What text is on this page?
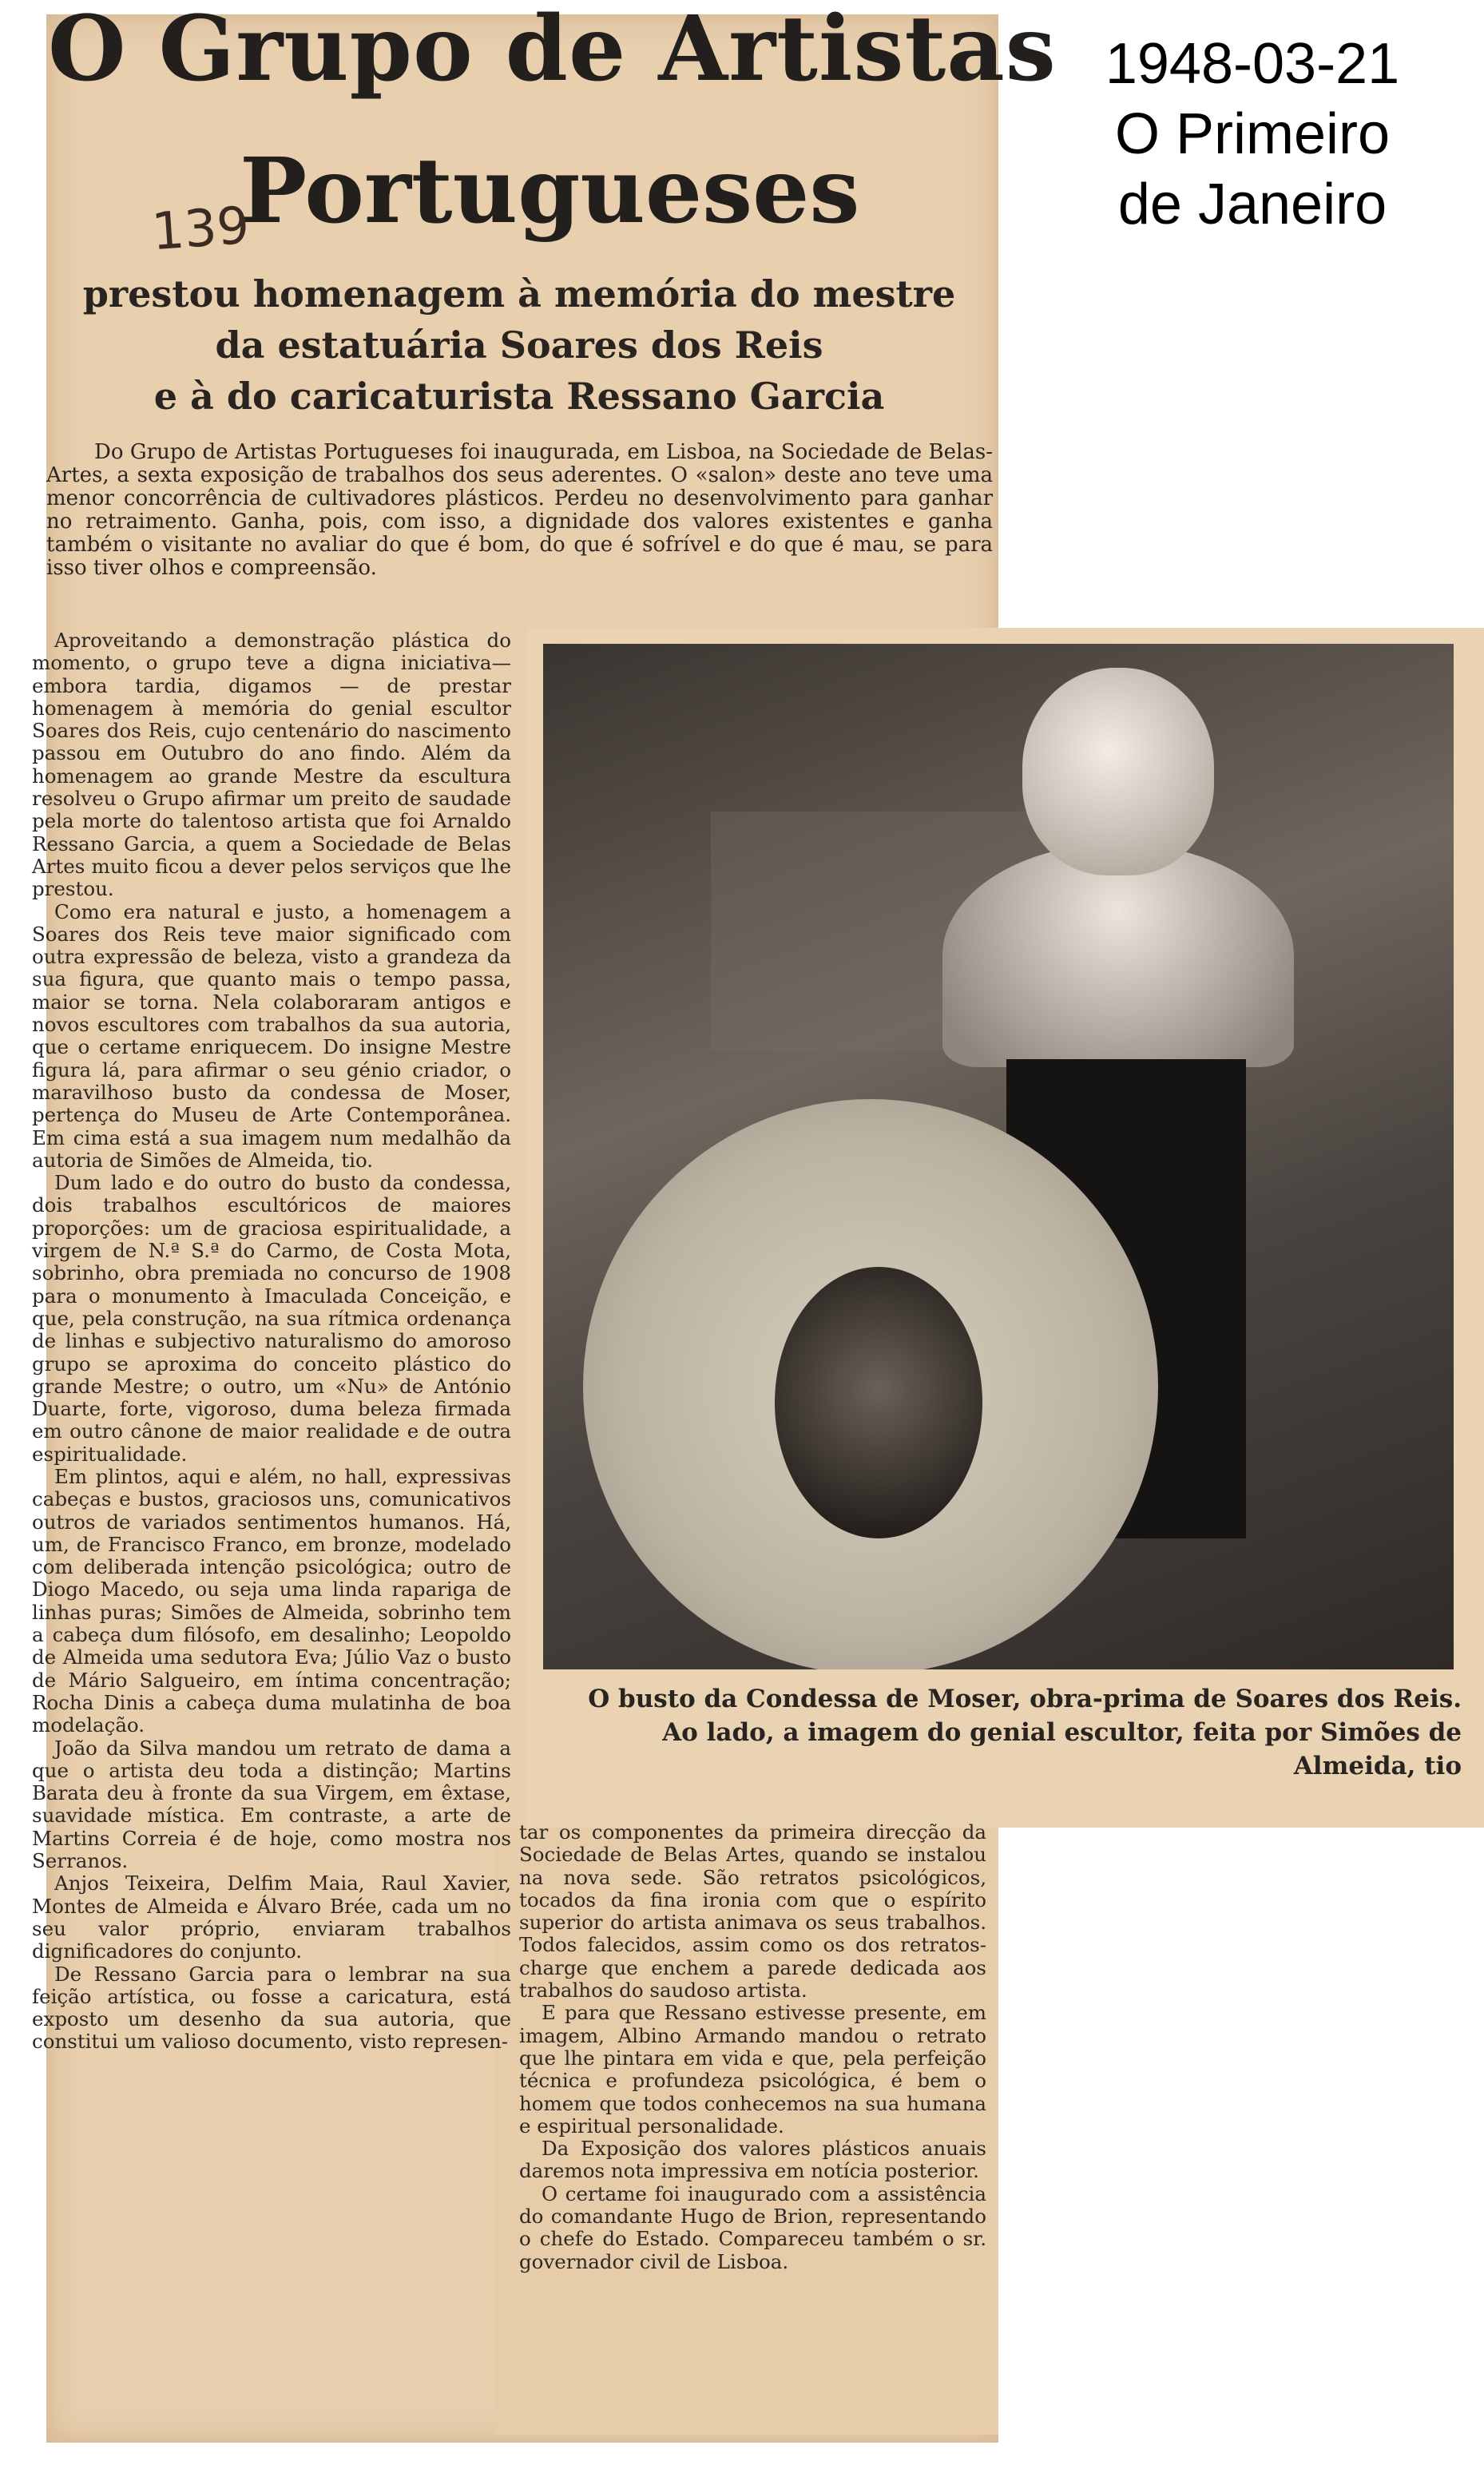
1948-03-21
O Primeiro
de Janeiro
O Grupo de Artistas
Portugueses
139
prestou homenagem à memória do mestre
da estatuária Soares dos Reis
e à do caricaturista Ressano Garcia

Do Grupo de Artistas Portugueses foi inaugurada, em Lisboa, na Sociedade de Belas-Artes, a sexta exposição de trabalhos dos seus aderentes. O «salon» deste ano teve uma menor concorrência de cultivadores plásticos. Perdeu no desenvolvimento para ganhar no retraimento. Ganha, pois, com isso, a dignidade dos valores existentes e ganha também o visitante no avaliar do que é bom, do que é sofrível e do que é mau, se para isso tiver olhos e compreensão.

Aproveitando a demonstração plástica do momento, o grupo teve a digna iniciativa—embora tardia, digamos — de prestar homenagem à memória do genial escultor Soares dos Reis, cujo centenário do nascimento passou em Outubro do ano findo. Além da homenagem ao grande Mestre da escultura resolveu o Grupo afirmar um preito de saudade pela morte do talentoso artista que foi Arnaldo Ressano Garcia, a quem a Sociedade de Belas Artes muito ficou a dever pelos serviços que lhe prestou.

Como era natural e justo, a homenagem a Soares dos Reis teve maior significado com outra expressão de beleza, visto a grandeza da sua figura, que quanto mais o tempo passa, maior se torna. Nela colaboraram antigos e novos escultores com trabalhos da sua autoria, que o certame enriquecem. Do insigne Mestre figura lá, para afirmar o seu génio criador, o maravilhoso busto da condessa de Moser, pertença do Museu de Arte Contemporânea. Em cima está a sua imagem num medalhão da autoria de Simões de Almeida, tio.

Dum lado e do outro do busto da condessa, dois trabalhos escultóricos de maiores proporções: um de graciosa espiritualidade, a virgem de N.ª S.ª do Carmo, de Costa Mota, sobrinho, obra premiada no concurso de 1908 para o monumento à Imaculada Conceição, e que, pela construção, na sua rítmica ordenança de linhas e subjectivo naturalismo do amoroso grupo se aproxima do conceito plástico do grande Mestre; o outro, um «Nu» de António Duarte, forte, vigoroso, duma beleza firmada em outro cânone de maior realidade e de outra espiritualidade.

Em plintos, aqui e além, no hall, expressivas cabeças e bustos, graciosos uns, comunicativos outros de variados sentimentos humanos. Há, um, de Francisco Franco, em bronze, modelado com deliberada intenção psicológica; outro de Diogo Macedo, ou seja uma linda rapariga de linhas puras; Simões de Almeida, sobrinho tem a cabeça dum filósofo, em desalinho; Leopoldo de Almeida uma sedutora Eva; Júlio Vaz o busto de Mário Salgueiro, em íntima concentração; Rocha Dinis a cabeça duma mulatinha de boa modelação.

João da Silva mandou um retrato de dama a que o artista deu toda a distinção; Martins Barata deu à fronte da sua Virgem, em êxtase, suavidade mística. Em contraste, a arte de Martins Correia é de hoje, como mostra nos Serranos.

Anjos Teixeira, Delfim Maia, Raul Xavier, Montes de Almeida e Álvaro Brée, cada um no seu valor próprio, enviaram trabalhos dignificadores do conjunto.

De Ressano Garcia para o lembrar na sua feição artística, ou fosse a caricatura, está exposto um desenho da sua autoria, que constitui um valioso documento, visto represen-

O busto da Condessa de Moser, obra-prima de Soares dos Reis.
Ao lado, a imagem do genial escultor, feita por Simões de
Almeida, tio

tar os componentes da primeira direcção da Sociedade de Belas Artes, quando se instalou na nova sede. São retratos psicológicos, tocados da fina ironia com que o espírito superior do artista animava os seus trabalhos. Todos falecidos, assim como os dos retratos-charge que enchem a parede dedicada aos trabalhos do saudoso artista.

E para que Ressano estivesse presente, em imagem, Albino Armando mandou o retrato que lhe pintara em vida e que, pela perfeição técnica e profundeza psicológica, é bem o homem que todos conhecemos na sua humana e espiritual personalidade.

Da Exposição dos valores plásticos anuais daremos nota impressiva em notícia posterior.

O certame foi inaugurado com a assistência do comandante Hugo de Brion, representando o chefe do Estado. Compareceu também o sr. governador civil de Lisboa.
